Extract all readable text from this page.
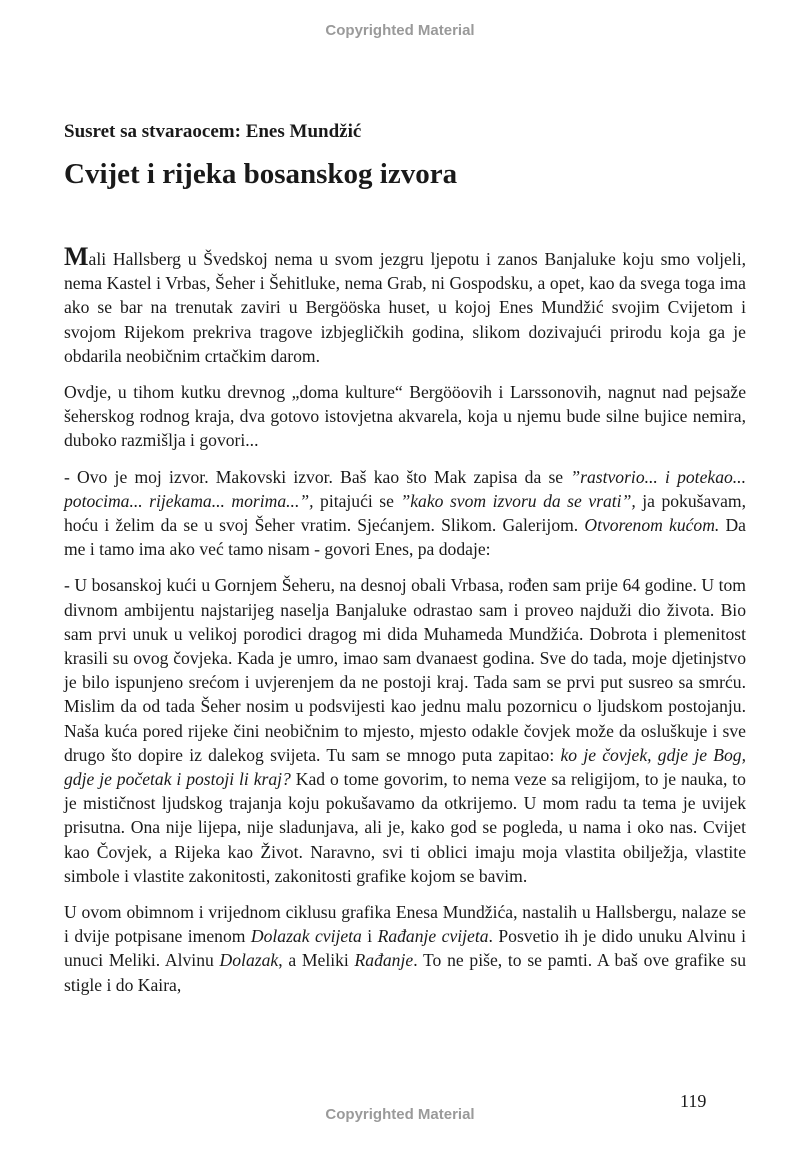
Copyrighted Material
Susret sa stvaraocem: Enes Mundžić
Cvijet i rijeka bosanskog izvora

Mali Hallsberg u Švedskoj nema u svom jezgru ljepotu i zanos Banjaluke koju smo voljeli, nema Kastel i Vrbas, Šeher i Šehitluke, nema Grab, ni Gospodsku, a opet, kao da svega toga ima ako se bar na trenutak zaviri u Bergööska huset, u kojoj Enes Mundžić svojim Cvijetom i svojom Rijekom prekriva tragove izbjegličkih godina, slikom dozivajući prirodu koja ga je obdarila neobičnim crtačkim darom.

Ovdje, u tihom kutku drevnog „doma kulture“ Bergööovih i Larssonovih, nagnut nad pejsaže šeherskog rodnog kraja, dva gotovo istovjetna akvarela, koja u njemu bude silne bujice nemira, duboko razmišlja i govori...

- Ovo je moj izvor. Makovski izvor. Baš kao što Mak zapisa da se ”rastvorio... i potekao... potocima... rijekama... morima...”, pitajući se ”kako svom izvoru da se vrati”, ja pokušavam, hoću i želim da se u svoj Šeher vratim. Sjećanjem. Slikom. Galerijom. Otvorenom kućom. Da me i tamo ima ako već tamo nisam - govori Enes, pa dodaje:

- U bosanskoj kući u Gornjem Šeheru, na desnoj obali Vrbasa, rođen sam prije 64 godine. U tom divnom ambijentu najstarijeg naselja Banjaluke odrastao sam i proveo najduži dio života. Bio sam prvi unuk u velikoj porodici dragog mi dida Muhameda Mundžića. Dobrota i plemenitost krasili su ovog čovjeka. Kada je umro, imao sam dvanaest godina. Sve do tada, moje djetinjstvo je bilo ispunjeno srećom i uvjerenjem da ne postoji kraj. Tada sam se prvi put susreo sa smrću. Mislim da od tada Šeher nosim u podsvijesti kao jednu malu pozornicu o ljudskom postojanju. Naša kuća pored rijeke čini neobičnim to mjesto, mjesto odakle čovjek može da osluškuje i sve drugo što dopire iz dalekog svijeta. Tu sam se mnogo puta zapitao: ko je čovjek, gdje je Bog, gdje je početak i postoji li kraj? Kad o tome govorim, to nema veze sa religijom, to je nauka, to je mističnost ljudskog trajanja koju pokušavamo da otkrijemo. U mom radu ta tema je uvijek prisutna. Ona nije lijepa, nije sladunjava, ali je, kako god se pogleda, u nama i oko nas. Cvijet kao Čovjek, a Rijeka kao Život. Naravno, svi ti oblici imaju moja vlastita obilježja, vlastite simbole i vlastite zakonitosti, zakonitosti grafike kojom se bavim.

U ovom obimnom i vrijednom ciklusu grafika Enesa Mundžića, nastalih u Hallsbergu, nalaze se i dvije potpisane imenom Dolazak cvijeta i Rađanje cvijeta. Posvetio ih je dido unuku Alvinu i unuci Meliki. Alvinu Dolazak, a Meliki Rađanje. To ne piše, to se pamti. A baš ove grafike su stigle i do Kaira,

119
Copyrighted Material
